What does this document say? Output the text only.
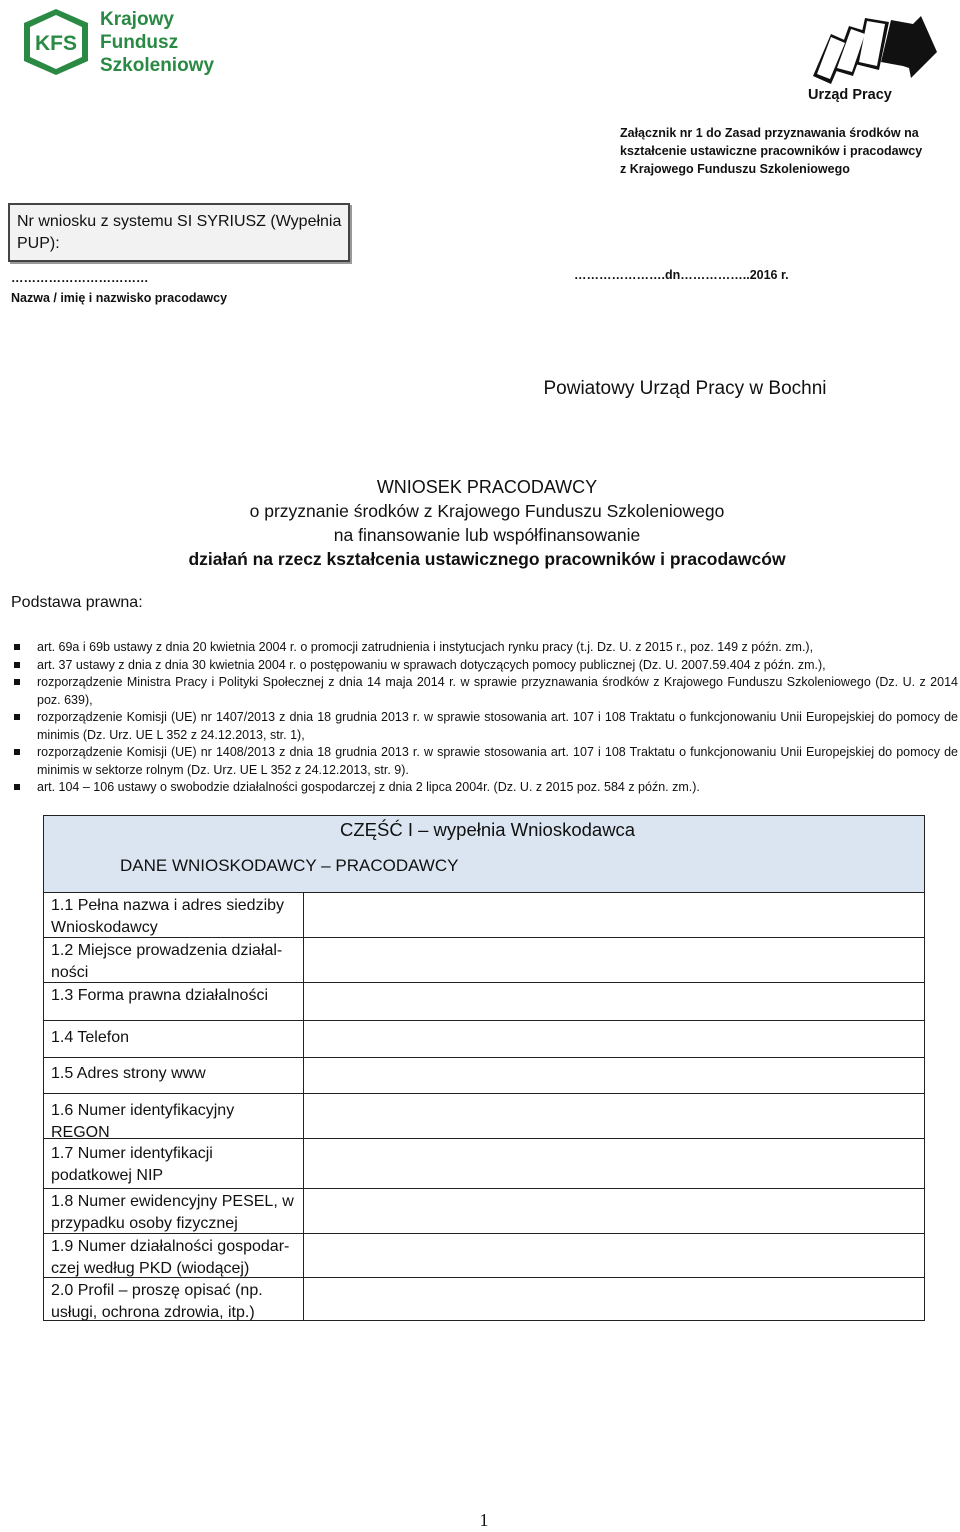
KFS
Krajowy
Fundusz
Szkoleniowy
Urząd Pracy
Załącznik nr 1 do Zasad przyznawania środków na
kształcenie ustawiczne pracowników i pracodawcy
z Krajowego Funduszu Szkoleniowego
Nr wniosku z systemu SI SYRIUSZ (Wypełnia PUP):
……………………………
Nazwa / imię i nazwisko pracodawcy
………………….dn……………..2016 r.
Powiatowy Urząd Pracy w Bochni
WNIOSEK PRACODAWCY
o przyznanie środków z Krajowego Funduszu Szkoleniowego
na finansowanie lub współfinansowanie
działań na rzecz kształcenia ustawicznego pracowników i pracodawców
Podstawa prawna:
art. 69a i 69b ustawy z dnia 20 kwietnia 2004 r. o promocji zatrudnienia i instytucjach rynku pracy (t.j. Dz. U. z 2015 r., poz. 149 z późn. zm.),
art. 37 ustawy z dnia z dnia 30 kwietnia 2004 r. o postępowaniu w sprawach dotyczących pomocy publicznej (Dz. U. 2007.59.404 z późn. zm.),
rozporządzenie Ministra Pracy i Polityki Społecznej z dnia 14 maja 2014 r. w sprawie przyznawania środków z Krajowego Funduszu Szkoleniowego (Dz. U. z 2014 poz. 639),
rozporządzenie Komisji (UE) nr 1407/2013 z dnia 18 grudnia 2013 r. w sprawie stosowania art. 107 i 108 Traktatu o funkcjonowaniu Unii Europejskiej do pomocy de minimis (Dz. Urz. UE L 352 z 24.12.2013, str. 1),
rozporządzenie Komisji (UE) nr 1408/2013 z dnia 18 grudnia 2013 r. w sprawie stosowania art. 107 i 108 Traktatu o funkcjonowaniu Unii Europejskiej do pomocy de minimis w sektorze rolnym (Dz. Urz. UE L 352 z 24.12.2013, str. 9).
art. 104 – 106 ustawy o swobodzie działalności gospodarczej z dnia 2 lipca 2004r. (Dz. U. z 2015 poz. 584 z późn. zm.).
CZĘŚĆ I – wypełnia Wnioskodawca
DANE WNIOSKODAWCY – PRACODAWCY
1.1 Pełna nazwa i adres siedziby Wnioskodawcy
1.2 Miejsce prowadzenia działal-ności
1.3 Forma prawna działalności
1.4 Telefon
1.5 Adres strony www
1.6 Numer identyfikacyjny REGON
1.7 Numer identyfikacji podatkowej NIP
1.8 Numer ewidencyjny PESEL, w przypadku osoby fizycznej
1.9 Numer działalności gospodar-czej według PKD (wiodącej)
2.0 Profil – proszę opisać (np. usługi, ochrona zdrowia, itp.)
1
